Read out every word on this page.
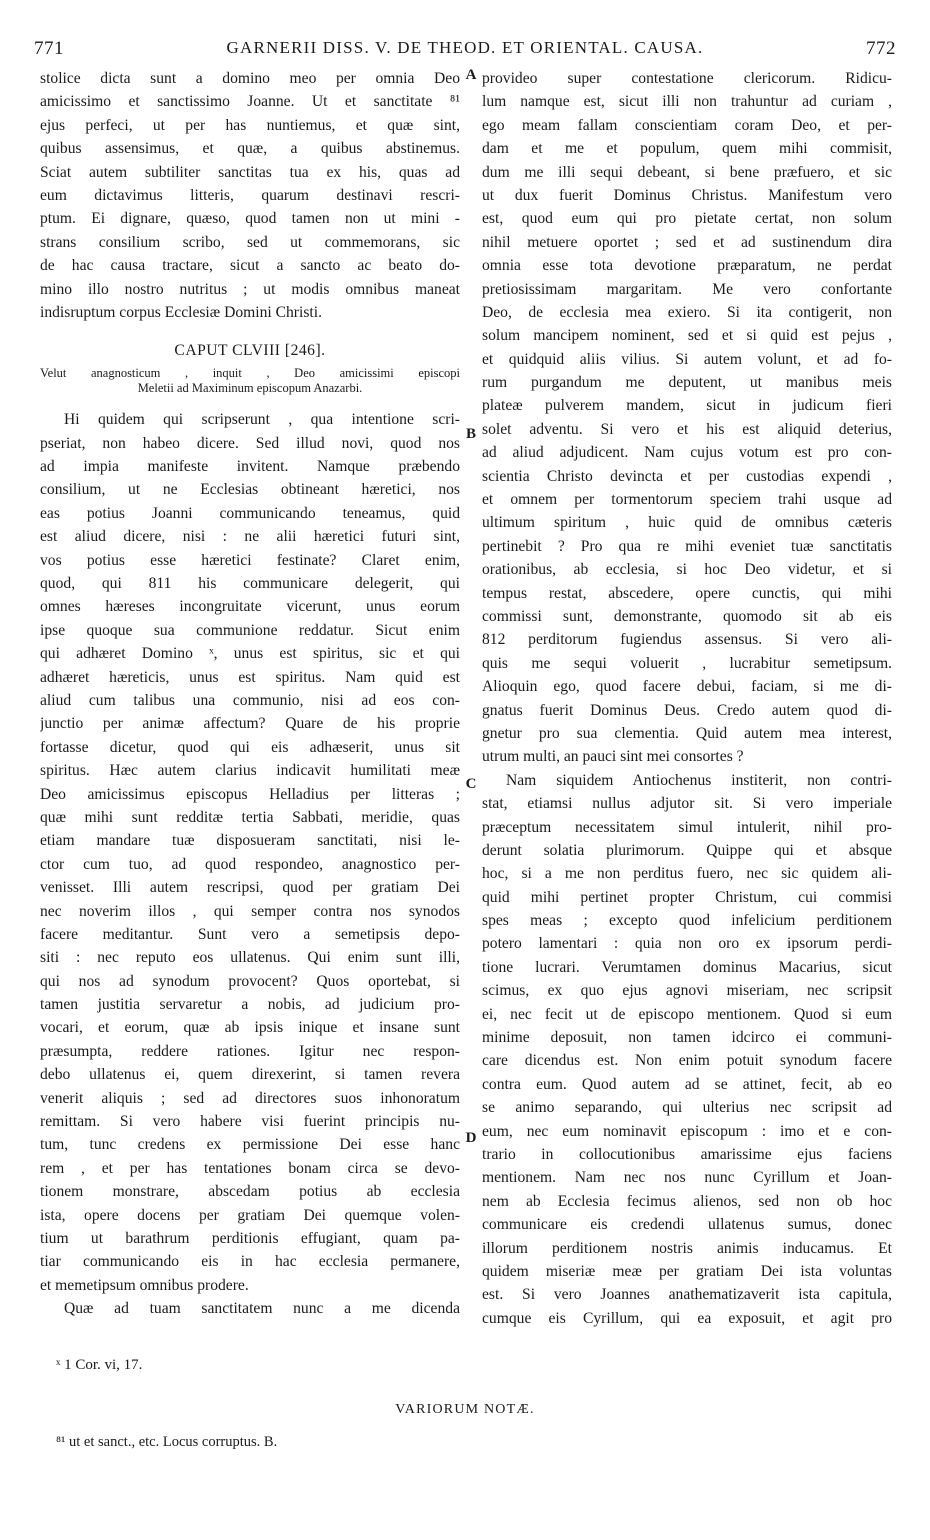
771	GARNERII DISS. V. DE THEOD. ET ORIENTAL. CAUSA.	772
stolice dicta sunt a domino meo per omnia Deo
amicissimo et sanctissimo Joanne. Ut et sanctitate ⁸¹
ejus perfeci, ut per has nuntiemus, et quæ sint,
quibus assensimus, et quæ, a quibus abstinemus.
Sciat autem subtiliter sanctitas tua ex his, quas ad
eum dictavimus litteris, quarum destinavi rescri-
ptum. Ei dignare, quæso, quod tamen non ut mini -
strans consilium scribo, sed ut commemorans, sic
de hac causa tractare, sicut a sancto ac beato do-
mino illo nostro nutritus ; ut modis omnibus maneat
indisruptum corpus Ecclesiæ Domini Christi.
CAPUT CLVIII [246].
Velut anagnosticum , inquit , Deo amicissimi episcopi
Meletii ad Maximinum episcopum Anazarbi.
Hi quidem qui scripserunt , qua intentione scri-
pseriat, non habeo dicere. Sed illud novi, quod nos
ad impia manifeste invitent. Namque præbendo
consilium, ut ne Ecclesias obtineant hæretici, nos
eas potius Joanni communicando teneamus, quid
est aliud dicere, nisi : ne alii hæretici futuri sint,
vos potius esse hæretici festinate? Claret enim,
quod, qui 811 his communicare delegerit, qui
omnes hæreses incongruitate vicerunt, unus eorum
ipse quoque sua communione reddatur. Sicut enim
qui adhæret Domino ˣ, unus est spiritus, sic et qui
adhæret hæreticis, unus est spiritus. Nam quid est
aliud cum talibus una communio, nisi ad eos con-
junctio per animæ affectum? Quare de his proprie
fortasse dicetur, quod qui eis adhæserit, unus sit
spiritus. Hæc autem clarius indicavit humilitati meæ
Deo amicissimus episcopus Helladius per litteras ;
quæ mihi sunt redditæ tertia Sabbati, meridie, quas
etiam mandare tuæ disposueram sanctitati, nisi le-
ctor cum tuo, ad quod respondeo, anagnostico per-
venisset. Illi autem rescripsi, quod per gratiam Dei
nec noverim illos , qui semper contra nos synodos
facere meditantur. Sunt vero a semetipsis depo-
siti : nec reputo eos ullatenus. Qui enim sunt illi,
qui nos ad synodum provocent? Quos oportebat, si
tamen justitia servaretur a nobis, ad judicium pro-
vocari, et eorum, quæ ab ipsis inique et insane sunt
præsumpta, reddere rationes. Igitur nec respon-
debo ullatenus ei, quem direxerint, si tamen revera
venerit aliquis ; sed ad directores suos inhonoratum
remittam. Si vero habere visi fuerint principis nu-
tum, tunc credens ex permissione Dei esse hanc
rem , et per has tentationes bonam circa se devo-
tionem monstrare, abscedam potius ab ecclesia
ista, opere docens per gratiam Dei quemque volen-
tium ut barathrum perditionis effugiant, quam pa-
tiar communicando eis in hac ecclesia permanere,
et memetipsum omnibus prodere.
Quæ ad tuam sanctitatem nunc a me dicenda
provideo super contestatione clericorum. Ridicu-
lum namque est, sicut illi non trahuntur ad curiam ,
ego meam fallam conscientiam coram Deo, et per-
dam et me et populum, quem mihi commisit,
dum me illi sequi debeant, si bene præfuero, et sic
ut dux fuerit Dominus Christus. Manifestum vero
est, quod eum qui pro pietate certat, non solum
nihil metuere oportet ; sed et ad sustinendum dira
omnia esse tota devotione præparatum, ne perdat
pretiosissimam margaritam. Me vero confortante
Deo, de ecclesia mea exiero. Si ita contigerit, non
solum mancipem nominent, sed et si quid est pejus ,
et quidquid aliis vilius. Si autem volunt, et ad fo-
rum purgandum me deputent, ut manibus meis
plateæ pulverem mandem, sicut in judicum fieri
solet adventu. Si vero et his est aliquid deterius,
ad aliud adjudicent. Nam cujus votum est pro con-
scientia Christo devincta et per custodias expendi ,
et omnem per tormentorum speciem trahi usque ad
ultimum spiritum , huic quid de omnibus cæteris
pertinebit ? Pro qua re mihi eveniet tuæ sanctitatis
orationibus, ab ecclesia, si hoc Deo videtur, et si
tempus restat, abscedere, opere cunctis, qui mihi
commissi sunt, demonstrante, quomodo sit ab eis
812 perditorum fugiendus assensus. Si vero ali-
quis me sequi voluerit , lucrabitur semetipsum.
Alioquin ego, quod facere debui, faciam, si me di-
gnatus fuerit Dominus Deus. Credo autem quod di-
gnetur pro sua clementia. Quid autem mea interest,
utrum multi, an pauci sint mei consortes ?
Nam siquidem Antiochenus institerit, non contri-
stat, etiamsi nullus adjutor sit. Si vero imperiale
præceptum necessitatem simul intulerit, nihil pro-
derunt solatia plurimorum. Quippe qui et absque
hoc, si a me non perditus fuero, nec sic quidem ali-
quid mihi pertinet propter Christum, cui commisi
spes meas ; excepto quod infelicium perditionem
potero lamentari : quia non oro ex ipsorum perdi-
tione lucrari. Verumtamen dominus Macarius, sicut
scimus, ex quo ejus agnovi miseriam, nec scripsit
ei, nec fecit ut de episcopo mentionem. Quod si eum
minime deposuit, non tamen idcirco ei communi-
care dicendus est. Non enim potuit synodum facere
contra eum. Quod autem ad se attinet, fecit, ab eo
se animo separando, qui ulterius nec scripsit ad
eum, nec eum nominavit episcopum : imo et e con-
trario in collocutionibus amarissime ejus faciens
mentionem. Nam nec nos nunc Cyrillum et Joan-
nem ab Ecclesia fecimus alienos, sed non ob hoc
communicare eis credendi ullatenus sumus, donec
illorum perditionem nostris animis inducamus. Et
quidem miseriæ meæ per gratiam Dei ista voluntas
est. Si vero Joannes anathematizaverit ista capitula,
cumque eis Cyrillum, qui ea exposuit, et agit pro
A
B
C
D
ˣ 1 Cor. vi, 17.
VARIORUM NOTÆ.
⁸¹ ut et sanct., etc. Locus corruptus. B.
